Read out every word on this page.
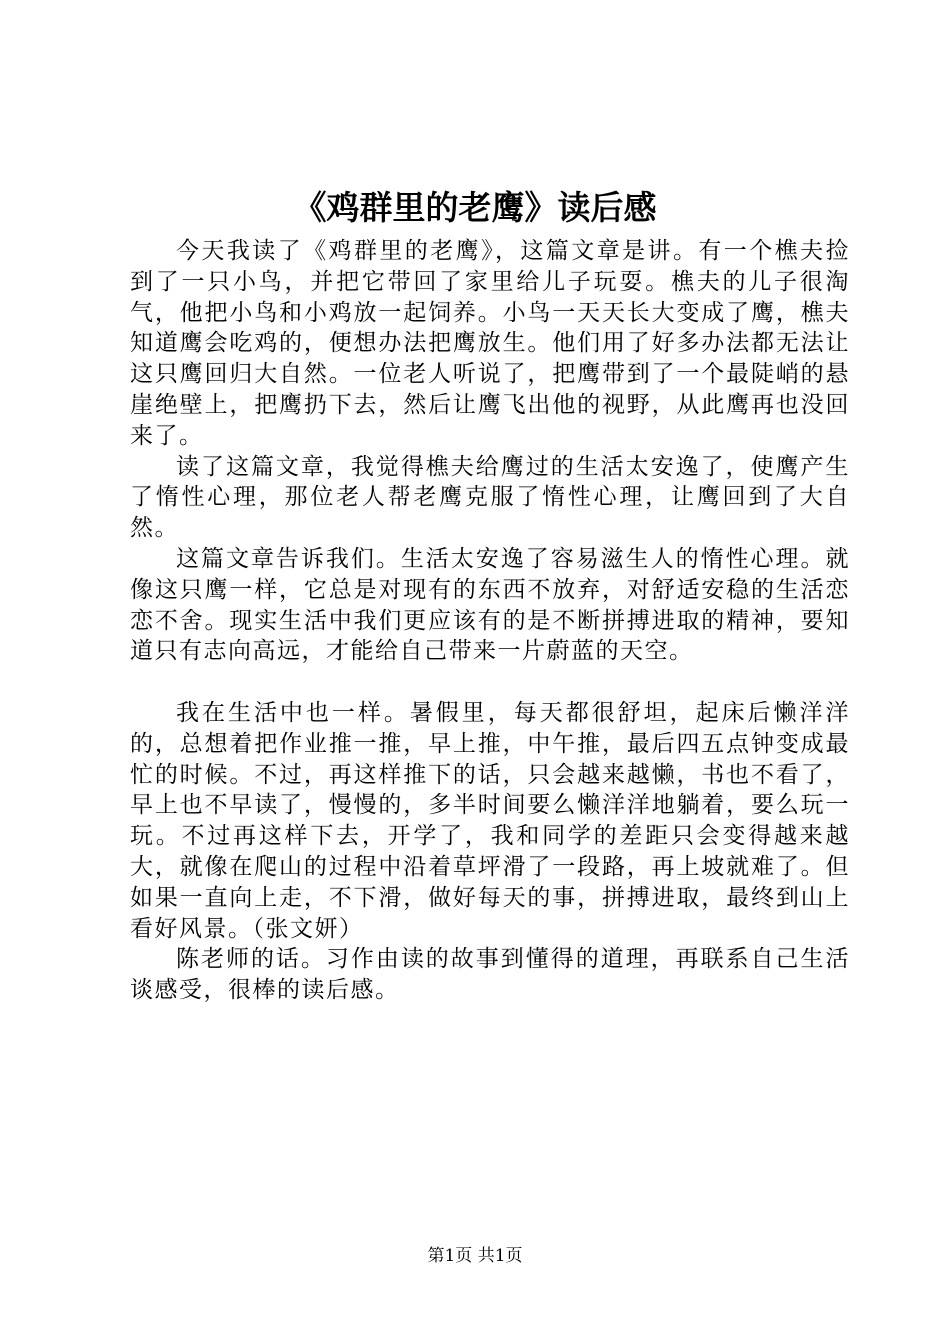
《鸡群里的老鹰》读后感

今天我读了《鸡群里的老鹰》，这篇文章是讲。有一个樵夫捡到了一只小鸟，并把它带回了家里给儿子玩耍。樵夫的儿子很淘气，他把小鸟和小鸡放一起饲养。小鸟一天天长大变成了鹰，樵夫知道鹰会吃鸡的，便想办法把鹰放生。他们用了好多办法都无法让这只鹰回归大自然。一位老人听说了，把鹰带到了一个最陡峭的悬崖绝壁上，把鹰扔下去，然后让鹰飞出他的视野，从此鹰再也没回来了。

读了这篇文章，我觉得樵夫给鹰过的生活太安逸了，使鹰产生了惰性心理，那位老人帮老鹰克服了惰性心理，让鹰回到了大自然。

这篇文章告诉我们。生活太安逸了容易滋生人的惰性心理。就像这只鹰一样，它总是对现有的东西不放弃，对舒适安稳的生活恋恋不舍。现实生活中我们更应该有的是不断拼搏进取的精神，要知道只有志向高远，才能给自己带来一片蔚蓝的天空。

我在生活中也一样。暑假里，每天都很舒坦，起床后懒洋洋的，总想着把作业推一推，早上推，中午推，最后四五点钟变成最忙的时候。不过，再这样推下的话，只会越来越懒，书也不看了，早上也不早读了，慢慢的，多半时间要么懒洋洋地躺着，要么玩一玩。不过再这样下去，开学了，我和同学的差距只会变得越来越大，就像在爬山的过程中沿着草坪滑了一段路，再上坡就难了。但如果一直向上走，不下滑，做好每天的事，拼搏进取，最终到山上看好风景。（张文妍）

陈老师的话。习作由读的故事到懂得的道理，再联系自己生活谈感受，很棒的读后感。

第1页 共1页
